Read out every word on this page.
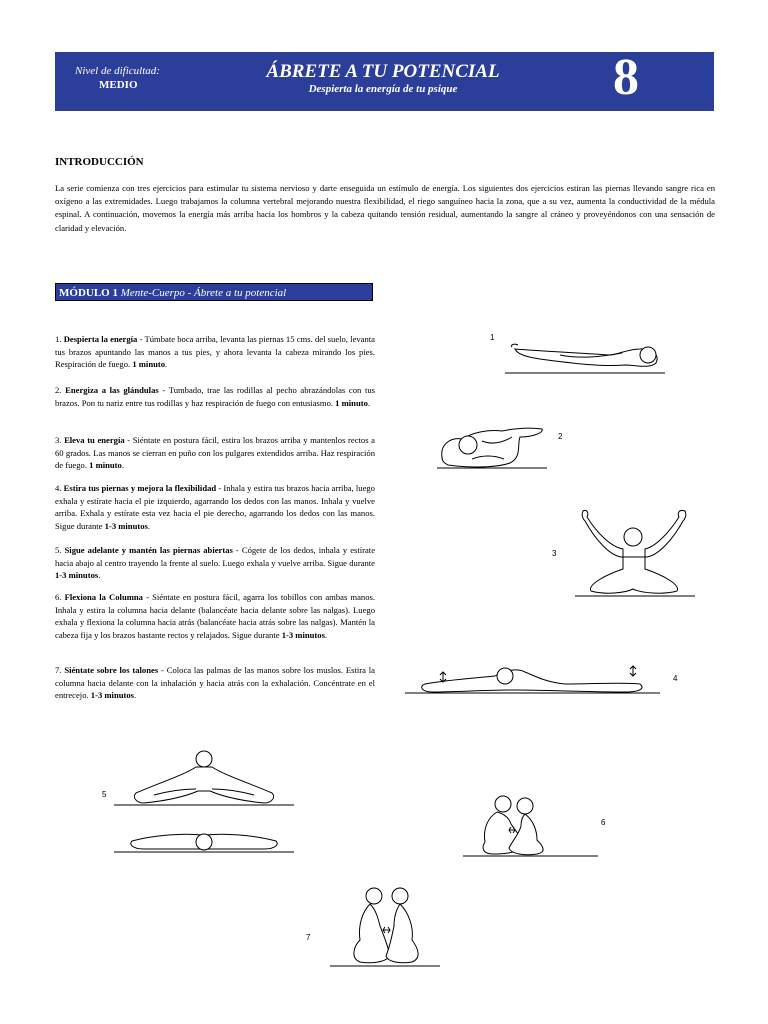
Nivel de dificultad:
MEDIO
ÁBRETE A TU POTENCIAL
Despierta la energía de tu psique	8
INTRODUCCIÓN
La serie comienza con tres ejercicios para estimular tu sistema nervioso y darte enseguida un estímulo de energía. Los siguientes dos ejercicios estiran las piernas llevando sangre rica en oxígeno a las extremidades. Luego trabajamos la columna vertebral mejorando nuestra flexibilidad, el riego sanguíneo hacia la zona, que a su vez, aumenta la conductividad de la médula espinal. A continuación, movemos la energía más arriba hacia los hombros y la cabeza quitando tensión residual, aumentando la sangre al cráneo y proveyéndonos con una sensación de claridad y elevación.
MÓDULO 1 Mente-Cuerpo - Ábrete a tu potencial
1. Despierta la energía - Túmbate boca arriba, levanta las piernas 15 cms. del suelo, levanta tus brazos apuntando las manos a tus pies, y ahora levanta la cabeza mirando los pies. Respiración de fuego. 1 minuto.
2. Energiza a las glándulas - Tumbado, trae las rodillas al pecho abrazándolas con tus brazos. Pon tu nariz entre tus rodillas y haz respiración de fuego con entusiasmo. 1 minuto.
3. Eleva tu energía - Siéntate en postura fácil, estira los brazos arriba y mantenlos rectos a 60 grados. Las manos se cierran en puño con los pulgares extendidos arriba. Haz respiración de fuego. 1 minuto.
4. Estira tus piernas y mejora la flexibilidad - Inhala y estira tus brazos hacia arriba, luego exhala y estírate hacia el pie izquierdo, agarrando los dedos con las manos. Inhala y vuelve arriba. Exhala y estírate esta vez hacia el pie derecho, agarrando los dedos con las manos. Sigue durante 1-3 minutos.
5. Sigue adelante y mantén las piernas abiertas - Cógete de los dedos, inhala y estírate hacia abajo al centro trayendo la frente al suelo. Luego exhala y vuelve arriba. Sigue durante 1-3 minutos.
6. Flexiona la Columna - Siéntate en postura fácil, agarra los tobillos con ambas manos. Inhala y estira la columna hacia delante (balancéate hacia delante sobre las nalgas). Luego exhala y flexiona la columna hacia atrás (balancéate hacia atrás sobre las nalgas). Mantén la cabeza fija y los brazos bastante rectos y relajados. Sigue durante 1-3 minutos.
7. Siéntate sobre los talones - Coloca las palmas de las manos sobre los muslos. Estira la columna hacia delante con la inhalación y hacia atrás con la exhalación. Concéntrate en el entrecejo. 1-3 minutos.
1
2
3
4
5
6
7
